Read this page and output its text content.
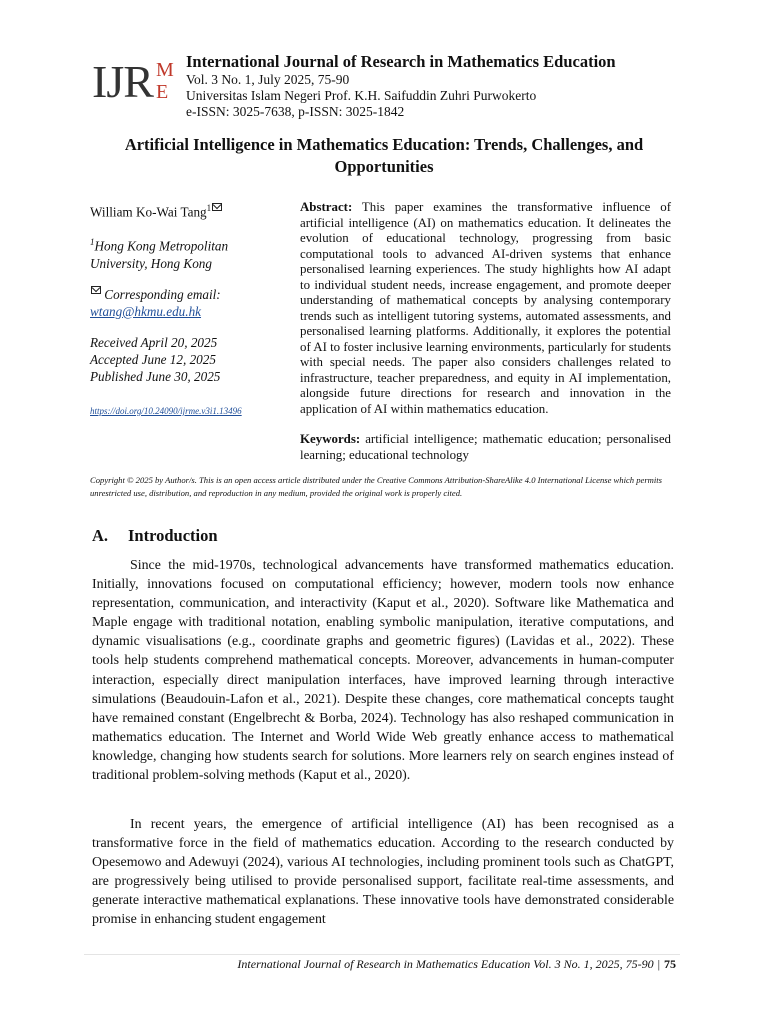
IJR M
E

International Journal of Research in Mathematics Education

Vol. 3 No. 1, July 2025, 75-90

Universitas Islam Negeri Prof. K.H. Saifuddin Zuhri Purwokerto

e-ISSN: 3025-7638, p-ISSN: 3025-1842

Artificial Intelligence in Mathematics Education: Trends, Challenges, and Opportunities

William Ko-Wai Tang$^1$

$^1$Hong Kong Metropolitan University, Hong Kong

Corresponding email:

wtang@hkmu.edu.hk

Received April 20, 2025

Accepted June 12, 2025

Published June 30, 2025

https://doi.org/10.24090/ijrme.v3i1.13496

Abstract: This paper examines the transformative influence of artificial intelligence (AI) on mathematics education. It delineates the evolution of educational technology, progressing from basic computational tools to advanced AI-driven systems that enhance personalised learning experiences. The study highlights how AI adapt to individual student needs, increase engagement, and promote deeper understanding of mathematical concepts by analysing contemporary trends such as intelligent tutoring systems, automated assessments, and personalised learning platforms. Additionally, it explores the potential of AI to foster inclusive learning environments, particularly for students with special needs. The paper also considers challenges related to infrastructure, teacher preparedness, and equity in AI implementation, alongside future directions for research and innovation in the application of AI within mathematics education.

Keywords: artificial intelligence; mathematic education; personalised learning; educational technology

Copyright © 2025 by Author/s. This is an open access article distributed under the Creative Commons Attribution-ShareAlike 4.0 International License which permits unrestricted use, distribution, and reproduction in any medium, provided the original work is properly cited.

A. Introduction

Since the mid-1970s, technological advancements have transformed mathematics education. Initially, innovations focused on computational efficiency; however, modern tools now enhance representation, communication, and interactivity (Kaput et al., 2020). Software like Mathematica and Maple engage with traditional notation, enabling symbolic manipulation, iterative computations, and dynamic visualisations (e.g., coordinate graphs and geometric figures) (Lavidas et al., 2022). These tools help students comprehend mathematical concepts. Moreover, advancements in human-computer interaction, especially direct manipulation interfaces, have improved learning through interactive simulations (Beaudouin-Lafon et al., 2021). Despite these changes, core mathematical concepts taught have remained constant (Engelbrecht & Borba, 2024). Technology has also reshaped communication in mathematics education. The Internet and World Wide Web greatly enhance access to mathematical knowledge, changing how students search for solutions. More learners rely on search engines instead of traditional problem-solving methods (Kaput et al., 2020).

In recent years, the emergence of artificial intelligence (AI) has been recognised as a transformative force in the field of mathematics education. According to the research conducted by Opesemowo and Adewuyi (2024), various AI technologies, including prominent tools such as ChatGPT, are progressively being utilised to provide personalised support, facilitate real-time assessments, and generate interactive mathematical explanations. These innovative tools have demonstrated considerable promise in enhancing student engagement

International Journal of Research in Mathematics Education Vol. 3 No. 1, 2025, 75-90 | 75
